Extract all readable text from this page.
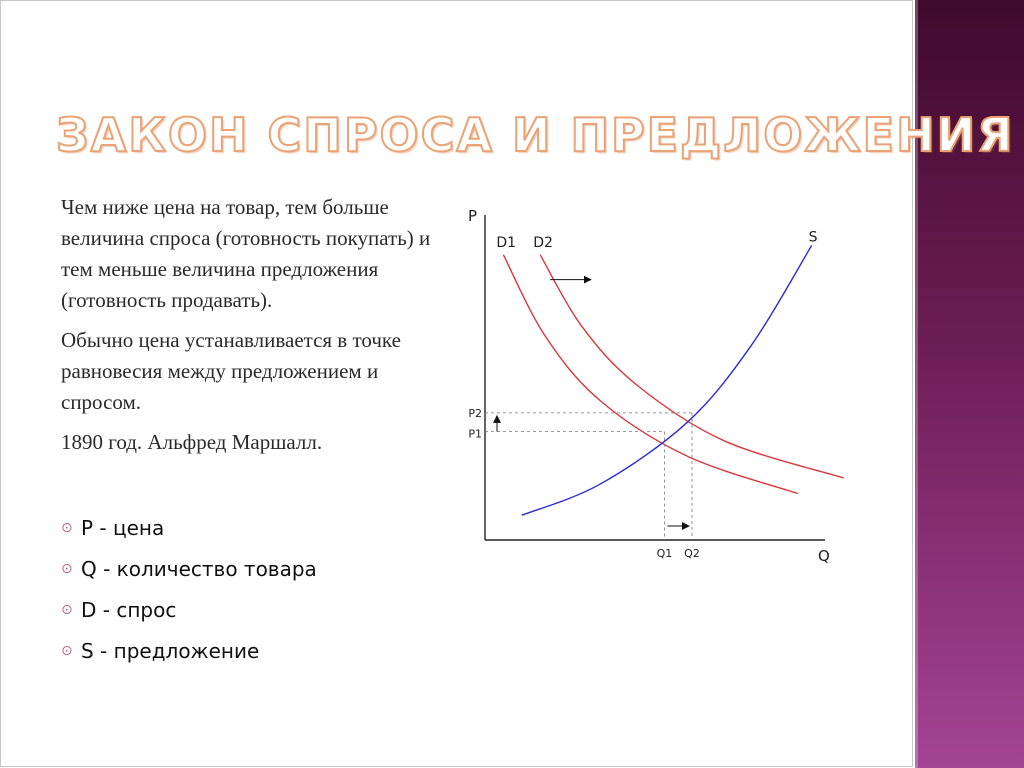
ЗАКОН СПРОСА И ПРЕДЛОЖЕНИЯ

Чем ниже цена на товар, тем больше величина спроса (готовность покупать) и тем меньше величина предложения (готовность продавать).

Обычно цена устанавливается в точке равновесия между предложением и спросом.

1890 год. Альфред Маршалл.

⊙ P - цена
⊙ Q - количество товара
⊙ D - спрос
⊙ S - предложение
P
Q
D1 D2	S
P1
Q1
P2
Q2
